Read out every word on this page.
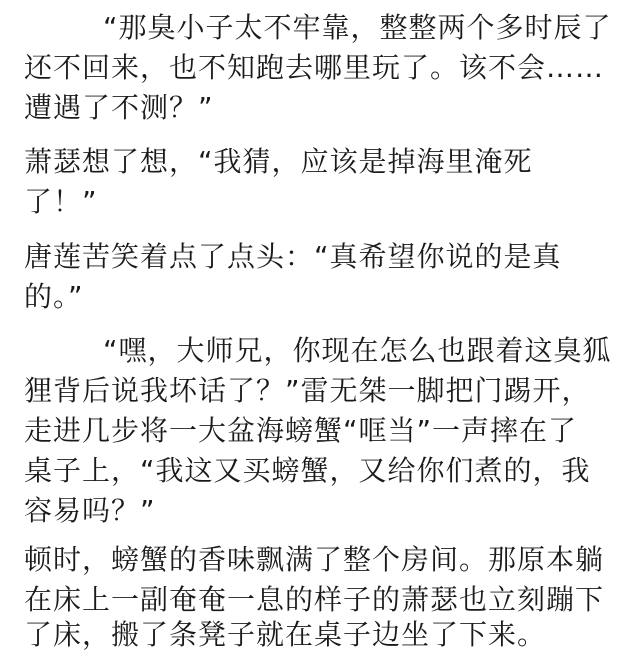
“那臭小子太不牢靠，整整两个多时辰了
还不回来，也不知跑去哪里玩了。该不会……
遭遇了不测？”
萧瑟想了想，“我猜，应该是掉海里淹死
了！”
唐莲苦笑着点了点头：“真希望你说的是真
的。”
“嘿，大师兄，你现在怎么也跟着这臭狐
狸背后说我坏话了？”雷无桀一脚把门踢开，
走进几步将一大盆海螃蟹“哐当”一声摔在了
桌子上，“我这又买螃蟹，又给你们煮的，我
容易吗？”
顿时，螃蟹的香味飘满了整个房间。那原本躺
在床上一副奄奄一息的样子的萧瑟也立刻蹦下
了床，搬了条凳子就在桌子边坐了下来。
